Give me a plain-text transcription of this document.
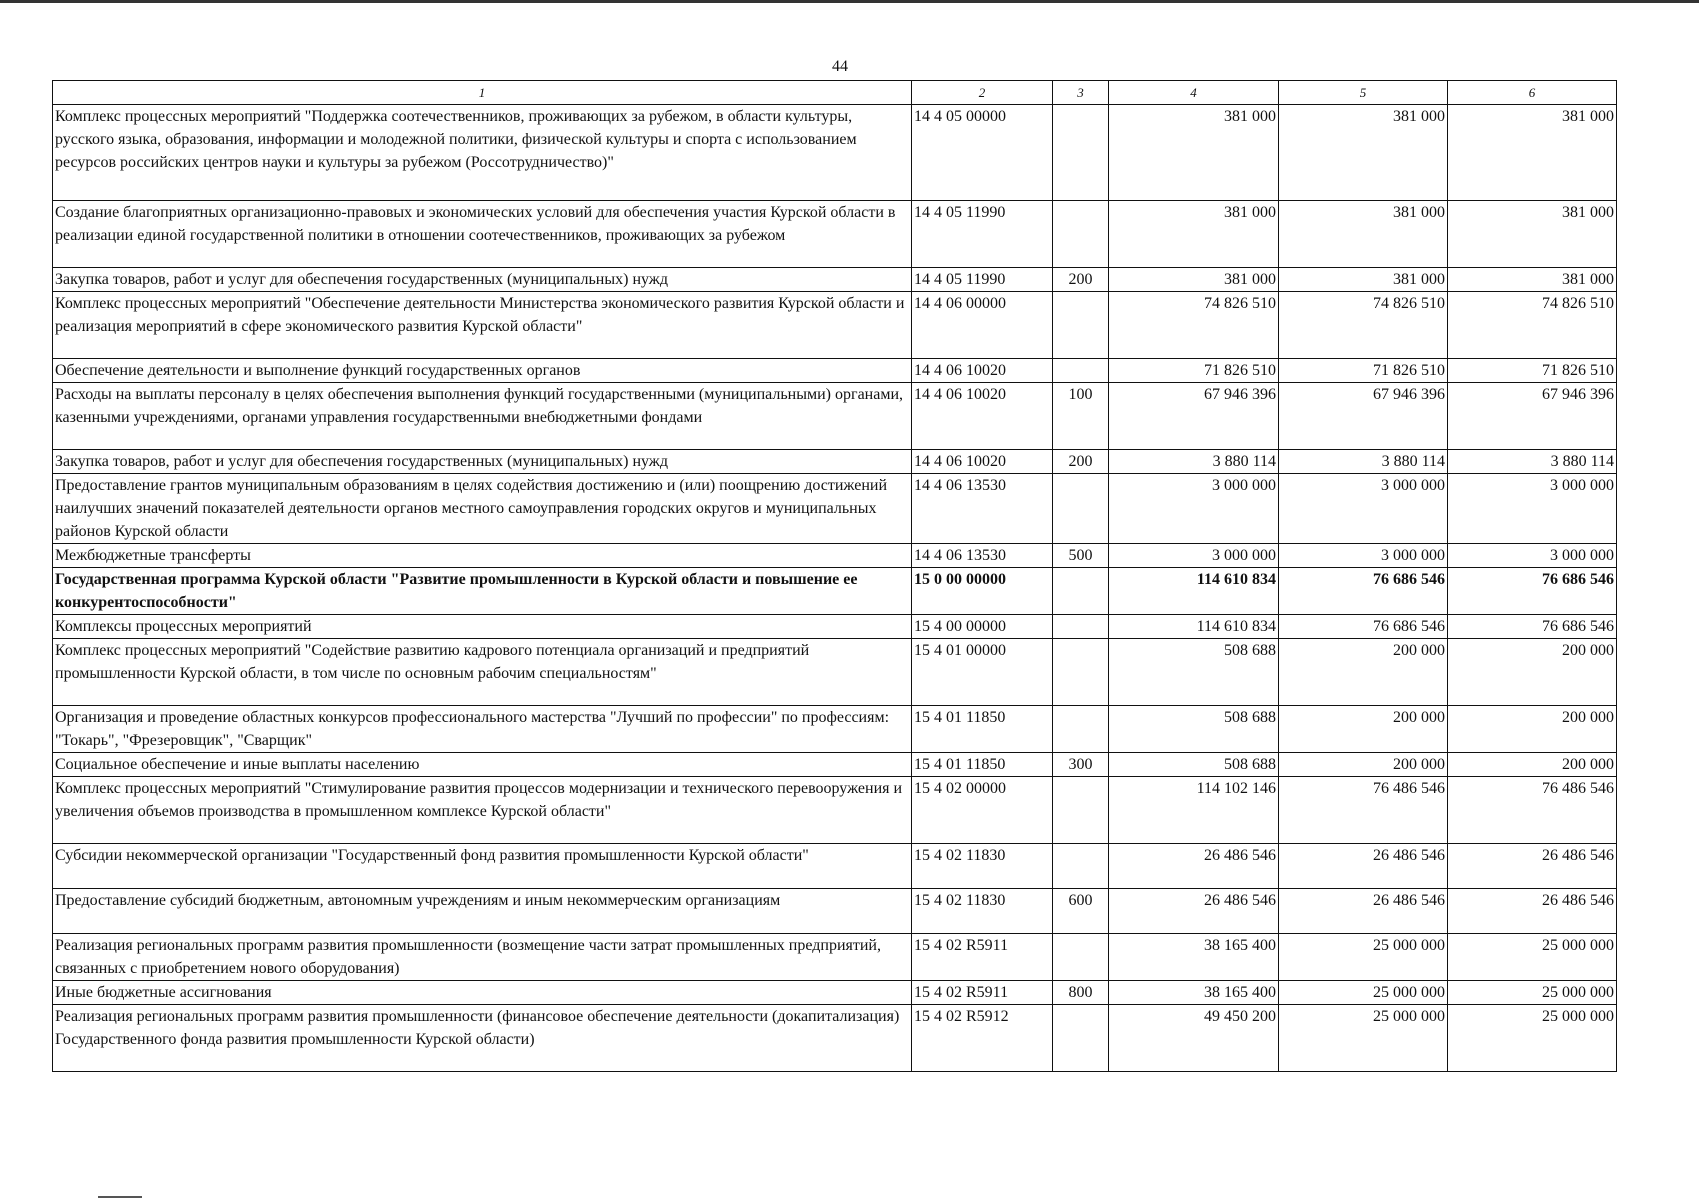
44
1	2	3	4	5	6
Комплекс процессных мероприятий "Поддержка соотечественников, проживающих за рубежом, в области культуры, русского языка, образования, информации и молодежной политики, физической культуры и спорта с использованием ресурсов российских центров науки и культуры за рубежом (Россотрудничество)"	14 4 05 00000		381 000	381 000	381 000
Создание благоприятных организационно-правовых и экономических условий для обеспечения участия Курской области в реализации единой государственной политики в отношении соотечественников, проживающих за рубежом	14 4 05 11990		381 000	381 000	381 000
Закупка товаров, работ и услуг для обеспечения государственных (муниципальных) нужд	14 4 05 11990	200	381 000	381 000	381 000
Комплекс процессных мероприятий "Обеспечение деятельности Министерства экономического развития Курской области и реализация мероприятий в сфере экономического развития Курской области"	14 4 06 00000		74 826 510	74 826 510	74 826 510
Обеспечение деятельности и выполнение функций государственных органов	14 4 06 10020		71 826 510	71 826 510	71 826 510
Расходы на выплаты персоналу в целях обеспечения выполнения функций государственными (муниципальными) органами, казенными учреждениями, органами управления государственными внебюджетными фондами	14 4 06 10020	100	67 946 396	67 946 396	67 946 396
Закупка товаров, работ и услуг для обеспечения государственных (муниципальных) нужд	14 4 06 10020	200	3 880 114	3 880 114	3 880 114
Предоставление грантов муниципальным образованиям в целях содействия достижению и (или) поощрению достижений наилучших значений показателей деятельности органов местного самоуправления городских округов и муниципальных районов Курской области	14 4 06 13530		3 000 000	3 000 000	3 000 000
Межбюджетные трансферты	14 4 06 13530	500	3 000 000	3 000 000	3 000 000
Государственная программа Курской области "Развитие промышленности в Курской области и повышение ее конкурентоспособности"	15 0 00 00000		114 610 834	76 686 546	76 686 546
Комплексы процессных мероприятий	15 4 00 00000		114 610 834	76 686 546	76 686 546
Комплекс процессных мероприятий "Содействие развитию кадрового потенциала организаций и предприятий промышленности Курской области, в том числе по основным рабочим специальностям"	15 4 01 00000		508 688	200 000	200 000
Организация и проведение областных конкурсов профессионального мастерства "Лучший по профессии" по профессиям: "Токарь", "Фрезеровщик", "Сварщик"	15 4 01 11850		508 688	200 000	200 000
Социальное обеспечение и иные выплаты населению	15 4 01 11850	300	508 688	200 000	200 000
Комплекс процессных мероприятий "Стимулирование развития процессов модернизации и технического перевооружения и увеличения объемов производства в промышленном комплексе Курской области"	15 4 02 00000		114 102 146	76 486 546	76 486 546
Субсидии некоммерческой организации "Государственный фонд развития промышленности Курской области"	15 4 02 11830		26 486 546	26 486 546	26 486 546
Предоставление субсидий бюджетным, автономным учреждениям и иным некоммерческим организациям	15 4 02 11830	600	26 486 546	26 486 546	26 486 546
Реализация региональных программ развития промышленности (возмещение части затрат промышленных предприятий, связанных с приобретением нового оборудования)	15 4 02 R5911		38 165 400	25 000 000	25 000 000
Иные бюджетные ассигнования	15 4 02 R5911	800	38 165 400	25 000 000	25 000 000
Реализация региональных программ развития промышленности (финансовое обеспечение деятельности (докапитализация) Государственного фонда развития промышленности Курской области)	15 4 02 R5912		49 450 200	25 000 000	25 000 000
